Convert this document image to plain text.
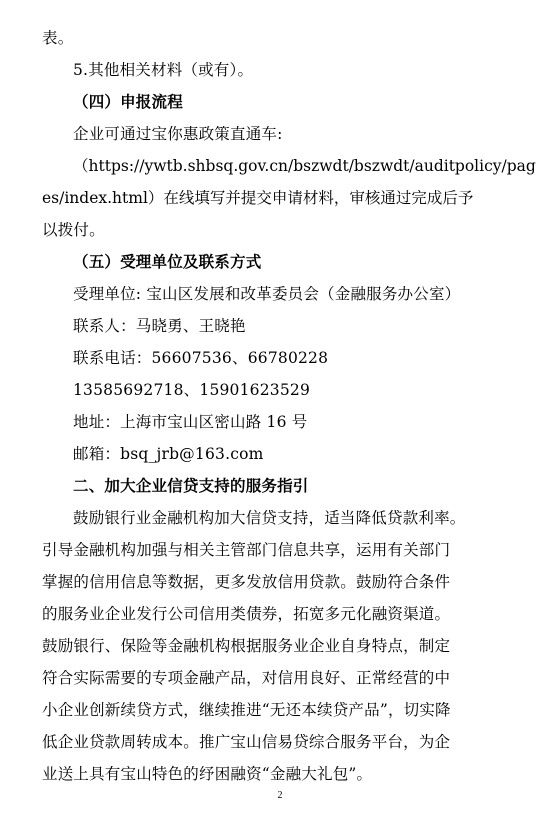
表。
5.其他相关材料（或有）。
（四）申报流程
企业可通过宝你惠政策直通车:
（https://ywtb.shbsq.gov.cn/bszwdt/bszwdt/auditpolicy/pag
es/index.html）在线填写并提交申请材料，审核通过完成后予
以拨付。
（五）受理单位及联系方式
受理单位: 宝山区发展和改革委员会（金融服务办公室）
联系人：马晓勇、王晓艳
联系电话：56607536、66780228
13585692718、15901623529
地址：上海市宝山区密山路 16 号
邮箱：bsq_jrb@163.com
二、加大企业信贷支持的服务指引
鼓励银行业金融机构加大信贷支持，适当降低贷款利率。
引导金融机构加强与相关主管部门信息共享，运用有关部门
掌握的信用信息等数据，更多发放信用贷款。鼓励符合条件
的服务业企业发行公司信用类债券，拓宽多元化融资渠道。
鼓励银行、保险等金融机构根据服务业企业自身特点，制定
符合实际需要的专项金融产品，对信用良好、正常经营的中
小企业创新续贷方式，继续推进“无还本续贷产品”，切实降
低企业贷款周转成本。推广宝山信易贷综合服务平台，为企
业送上具有宝山特色的纾困融资“金融大礼包”。
2
